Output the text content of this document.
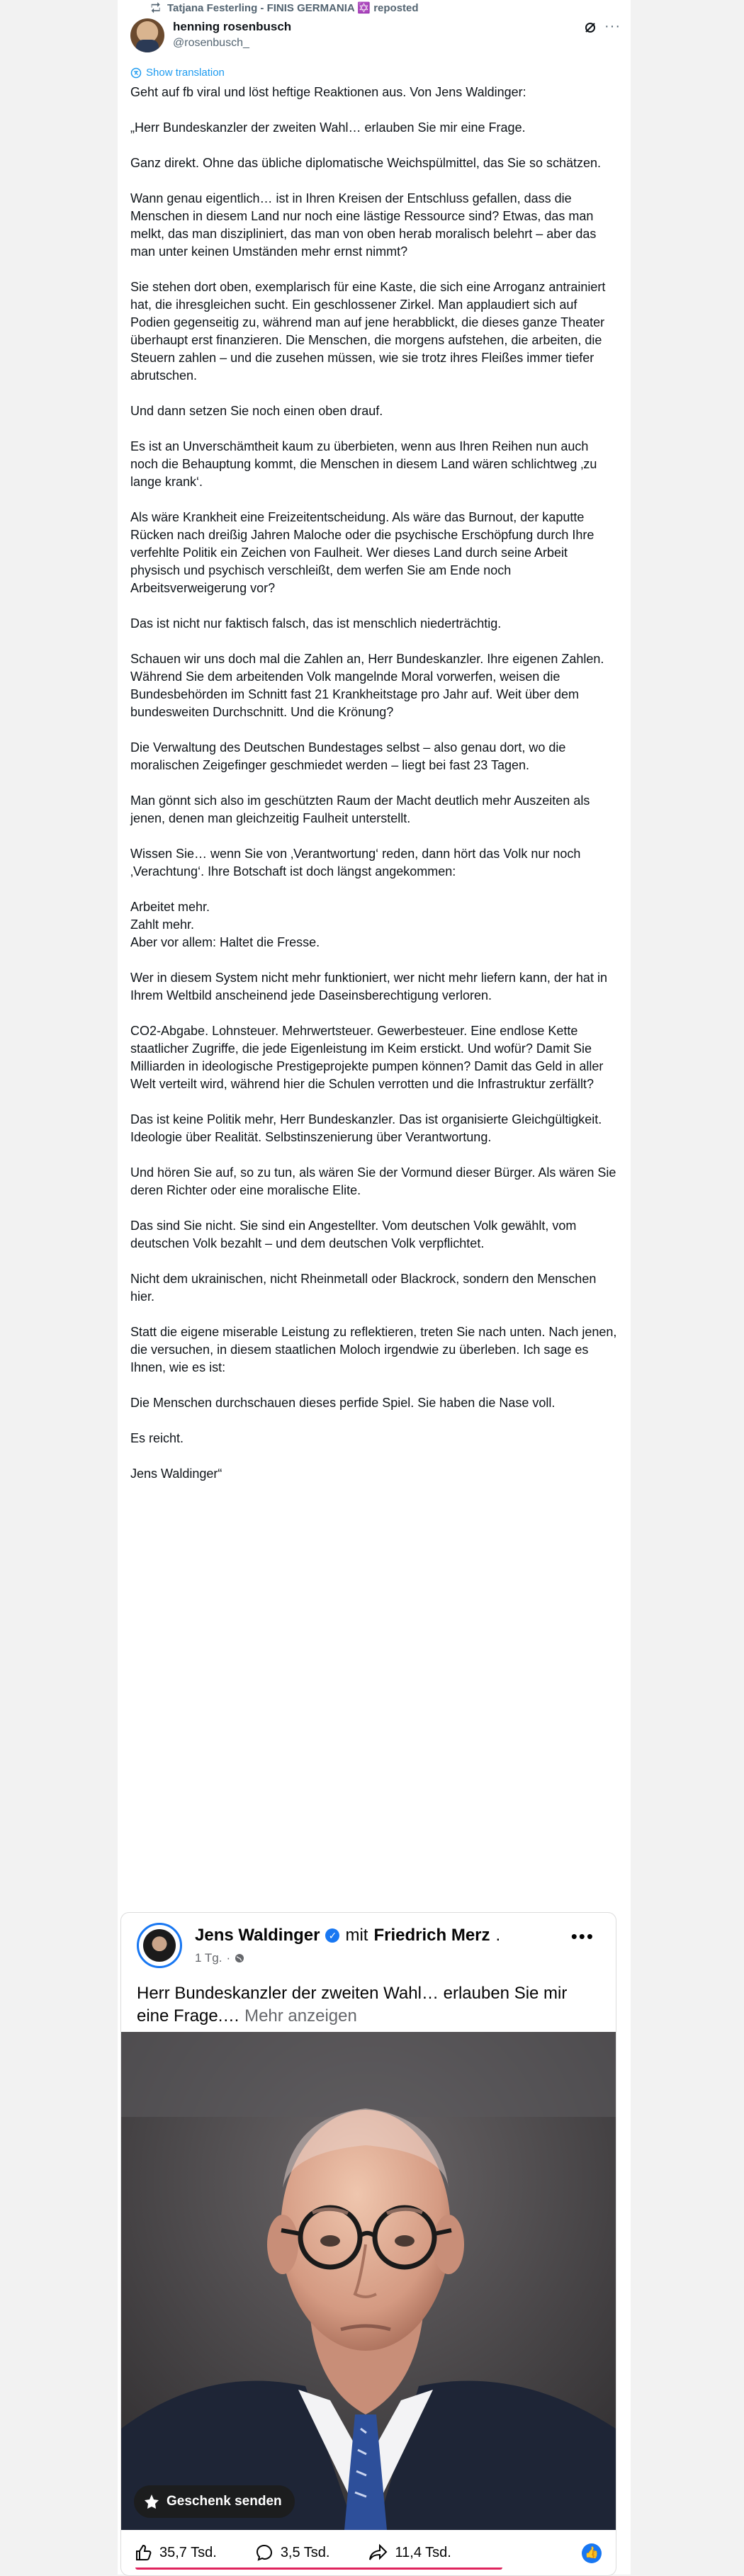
Tatjana Festerling - FINIS GERMANIA ✡️ reposted
henning rosenbusch
@rosenbusch_
···
Show translation

Geht auf fb viral und löst heftige Reaktionen aus. Von Jens Waldinger:

„Herr Bundeskanzler der zweiten Wahl… erlauben Sie mir eine Frage.

Ganz direkt. Ohne das übliche diplomatische Weichspülmittel, das Sie so schätzen.

Wann genau eigentlich… ist in Ihren Kreisen der Entschluss gefallen, dass die Menschen in diesem Land nur noch eine lästige Ressource sind? Etwas, das man melkt, das man diszipliniert, das man von oben herab moralisch belehrt – aber das man unter keinen Umständen mehr ernst nimmt?

Sie stehen dort oben, exemplarisch für eine Kaste, die sich eine Arroganz antrainiert hat, die ihresgleichen sucht. Ein geschlossener Zirkel. Man applaudiert sich auf Podien gegenseitig zu, während man auf jene herabblickt, die dieses ganze Theater überhaupt erst finanzieren. Die Menschen, die morgens aufstehen, die arbeiten, die Steuern zahlen – und die zusehen müssen, wie sie trotz ihres Fleißes immer tiefer abrutschen.

Und dann setzen Sie noch einen oben drauf.

Es ist an Unverschämtheit kaum zu überbieten, wenn aus Ihren Reihen nun auch noch die Behauptung kommt, die Menschen in diesem Land wären schlichtweg ‚zu lange krank‘.

Als wäre Krankheit eine Freizeitentscheidung. Als wäre das Burnout, der kaputte Rücken nach dreißig Jahren Maloche oder die psychische Erschöpfung durch Ihre verfehlte Politik ein Zeichen von Faulheit. Wer dieses Land durch seine Arbeit physisch und psychisch verschleißt, dem werfen Sie am Ende noch Arbeitsverweigerung vor?

Das ist nicht nur faktisch falsch, das ist menschlich niederträchtig.

Schauen wir uns doch mal die Zahlen an, Herr Bundeskanzler. Ihre eigenen Zahlen. Während Sie dem arbeitenden Volk mangelnde Moral vorwerfen, weisen die Bundesbehörden im Schnitt fast 21 Krankheitstage pro Jahr auf. Weit über dem bundesweiten Durchschnitt. Und die Krönung?

Die Verwaltung des Deutschen Bundestages selbst – also genau dort, wo die moralischen Zeigefinger geschmiedet werden – liegt bei fast 23 Tagen.

Man gönnt sich also im geschützten Raum der Macht deutlich mehr Auszeiten als jenen, denen man gleichzeitig Faulheit unterstellt.

Wissen Sie… wenn Sie von ‚Verantwortung‘ reden, dann hört das Volk nur noch ‚Verachtung‘. Ihre Botschaft ist doch längst angekommen:

Arbeitet mehr.
Zahlt mehr.
Aber vor allem: Haltet die Fresse.

Wer in diesem System nicht mehr funktioniert, wer nicht mehr liefern kann, der hat in Ihrem Weltbild anscheinend jede Daseinsberechtigung verloren.

CO2-Abgabe. Lohnsteuer. Mehrwertsteuer. Gewerbesteuer. Eine endlose Kette staatlicher Zugriffe, die jede Eigenleistung im Keim erstickt. Und wofür? Damit Sie Milliarden in ideologische Prestigeprojekte pumpen können? Damit das Geld in aller Welt verteilt wird, während hier die Schulen verrotten und die Infrastruktur zerfällt?

Das ist keine Politik mehr, Herr Bundeskanzler. Das ist organisierte Gleichgültigkeit. Ideologie über Realität. Selbstinszenierung über Verantwortung.

Und hören Sie auf, so zu tun, als wären Sie der Vormund dieser Bürger. Als wären Sie deren Richter oder eine moralische Elite.

Das sind Sie nicht. Sie sind ein Angestellter. Vom deutschen Volk gewählt, vom deutschen Volk bezahlt – und dem deutschen Volk verpflichtet.

Nicht dem ukrainischen, nicht Rheinmetall oder Blackrock, sondern den Menschen hier.

Statt die eigene miserable Leistung zu reflektieren, treten Sie nach unten. Nach jenen, die versuchen, in diesem staatlichen Moloch irgendwie zu überleben. Ich sage es Ihnen, wie es ist:

Die Menschen durchschauen dieses perfide Spiel. Sie haben die Nase voll.

Es reicht.

Jens Waldinger“

Jens Waldinger ✓ mit Friedrich Merz .
1 Tg. ·
•••
Herr Bundeskanzler der zweiten Wahl… erlauben Sie mir eine Frage.… Mehr anzeigen
Geschenk senden
35,7 Tsd.	3,5 Tsd.	11,4 Tsd.	👍
